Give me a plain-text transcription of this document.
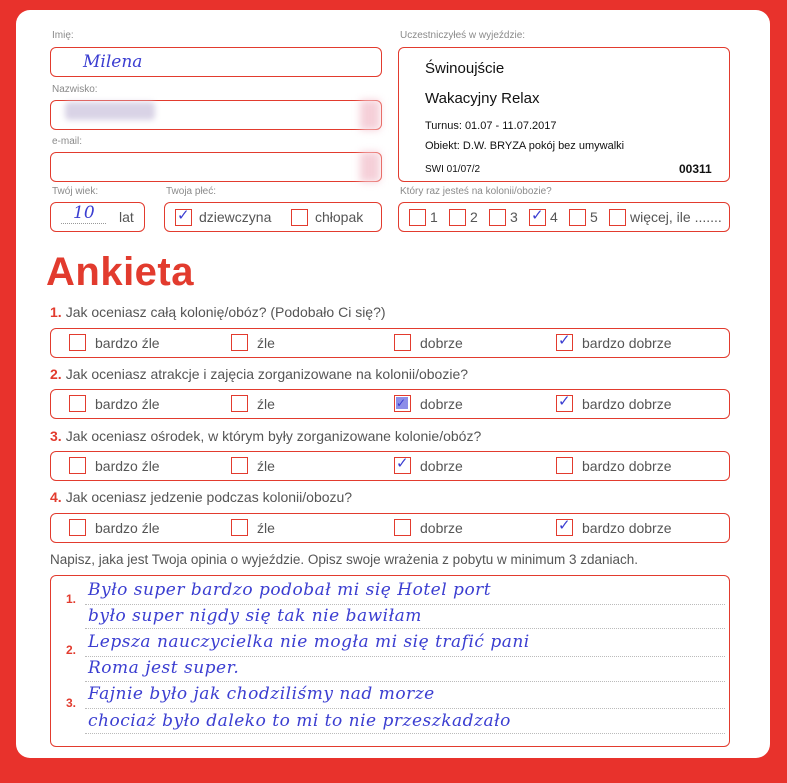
Imię:
Milena
Nazwisko:
e-mail:
Twój wiek:
10 lat
Twoja płeć:
✓ dziewczyna	chłopak
Uczestniczyłeś w wyjeździe:
Świnoujście
Wakacyjny Relax
Turnus: 01.07 - 11.07.2017
Obiekt: D.W. BRYZA pokój bez umywalki
SWI 01/07/2	00311
Który raz jesteś na kolonii/obozie?
1 2 3 ✓ 4 5 więcej, ile .......
Ankieta
1. Jak oceniasz całą kolonię/obóz? (Podobało Ci się?)
bardzo źle	źle	dobrze	✓ bardzo dobrze
2. Jak oceniasz atrakcje i zajęcia zorganizowane na kolonii/obozie?
bardzo źle	źle	✓ dobrze	✓ bardzo dobrze
3. Jak oceniasz ośrodek, w którym były zorganizowane kolonie/obóz?
bardzo źle	źle	✓ dobrze	bardzo dobrze
4. Jak oceniasz jedzenie podczas kolonii/obozu?
bardzo źle	źle	dobrze	✓ bardzo dobrze
Napisz, jaka jest Twoja opinia o wyjeździe. Opisz swoje wrażenia z pobytu w minimum 3 zdaniach.
1. Było super bardzo podobał mi się Hotel port
było super nigdy się tak nie bawiłam
2. Lepsza nauczycielka nie mogła mi się trafić pani
Roma jest super.
3. Fajnie było jak chodziliśmy nad morze
chociaż było daleko to mi to nie przeszkadzało
